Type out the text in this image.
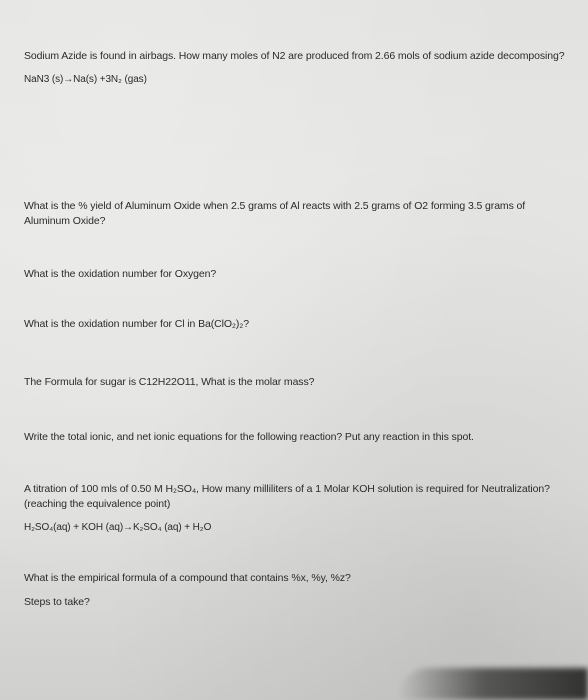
Sodium Azide is found in airbags. How many moles of N2 are produced from 2.66 mols of sodium azide decomposing?

NaN3 (s)→Na(s) +3N₂ (gas)

What is the % yield of Aluminum Oxide when 2.5 grams of Al reacts with 2.5 grams of O2 forming 3.5 grams of Aluminum Oxide?

What is the oxidation number for Oxygen?

What is the oxidation number for Cl in Ba(ClO₂)₂?

The Formula for sugar is C12H22O11, What is the molar mass?

Write the total ionic, and net ionic equations for the following reaction? Put any reaction in this spot.

A titration of 100 mls of 0.50 M H₂SO₄, How many milliliters of a 1 Molar KOH solution is required for Neutralization? (reaching the equivalence point)

H₂SO₄(aq) + KOH (aq)→K₂SO₄ (aq) + H₂O

What is the empirical formula of a compound that contains %x, %y, %z?

Steps to take?
